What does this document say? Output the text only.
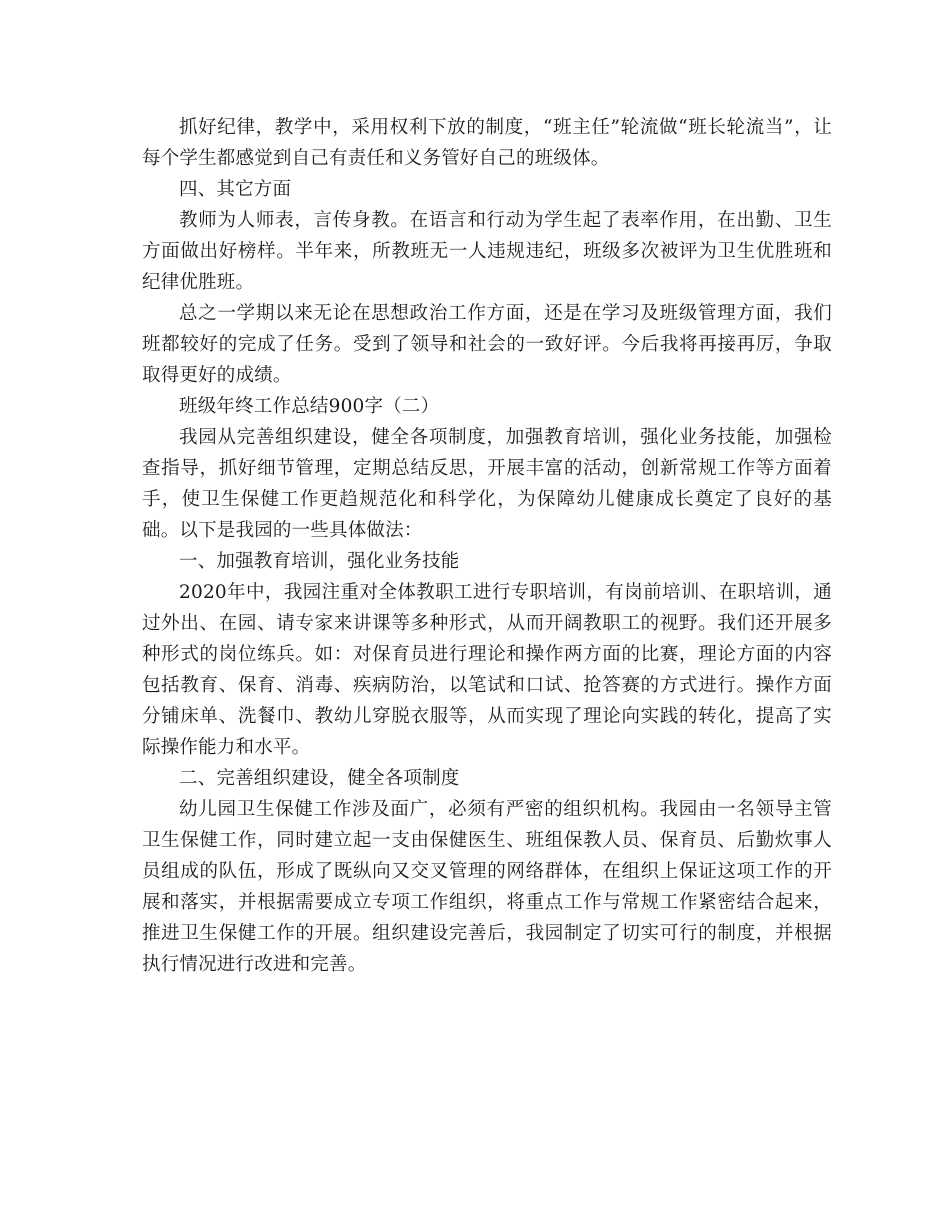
抓好纪律，教学中，采用权利下放的制度，“班主任”轮流做“班长轮流当”，让每个学生都感觉到自己有责任和义务管好自己的班级体。

四、其它方面

教师为人师表，言传身教。在语言和行动为学生起了表率作用，在出勤、卫生方面做出好榜样。半年来，所教班无一人违规违纪，班级多次被评为卫生优胜班和纪律优胜班。

总之一学期以来无论在思想政治工作方面，还是在学习及班级管理方面，我们班都较好的完成了任务。受到了领导和社会的一致好评。今后我将再接再厉，争取取得更好的成绩。

班级年终工作总结900字（二）

我园从完善组织建设，健全各项制度，加强教育培训，强化业务技能，加强检查指导，抓好细节管理，定期总结反思，开展丰富的活动，创新常规工作等方面着手，使卫生保健工作更趋规范化和科学化，为保障幼儿健康成长奠定了良好的基础。以下是我园的一些具体做法：

一、加强教育培训，强化业务技能

2020年中，我园注重对全体教职工进行专职培训，有岗前培训、在职培训，通过外出、在园、请专家来讲课等多种形式，从而开阔教职工的视野。我们还开展多种形式的岗位练兵。如：对保育员进行理论和操作两方面的比赛，理论方面的内容包括教育、保育、消毒、疾病防治，以笔试和口试、抢答赛的方式进行。操作方面分铺床单、洗餐巾、教幼儿穿脱衣服等，从而实现了理论向实践的转化，提高了实际操作能力和水平。

二、完善组织建设，健全各项制度

幼儿园卫生保健工作涉及面广，必须有严密的组织机构。我园由一名领导主管卫生保健工作，同时建立起一支由保健医生、班组保教人员、保育员、后勤炊事人员组成的队伍，形成了既纵向又交叉管理的网络群体，在组织上保证这项工作的开展和落实，并根据需要成立专项工作组织，将重点工作与常规工作紧密结合起来，推进卫生保健工作的开展。组织建设完善后，我园制定了切实可行的制度，并根据执行情况进行改进和完善。
